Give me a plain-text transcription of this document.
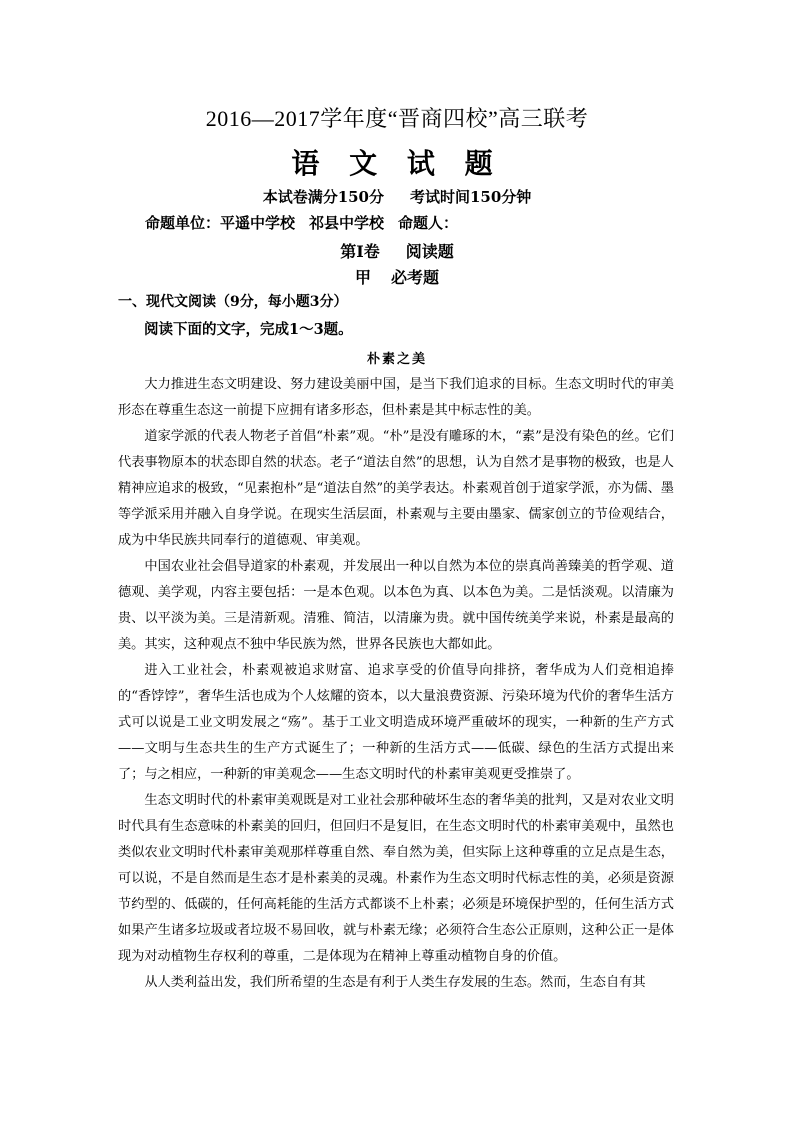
2016—2017学年度“晋商四校”高三联考
语 文 试 题
本试卷满分150分 考试时间150分钟
命题单位：平遥中学校 祁县中学校 命题人：
第Ⅰ卷 阅读题
甲 必考题
一、现代文阅读（9分，每小题3分）
阅读下面的文字，完成1～3题。
朴素之美

大力推进生态文明建设、努力建设美丽中国，是当下我们追求的目标。生态文明时代的审美形态在尊重生态这一前提下应拥有诸多形态，但朴素是其中标志性的美。

道家学派的代表人物老子首倡“朴素”观。“朴”是没有雕琢的木，“素”是没有染色的丝。它们代表事物原本的状态即自然的状态。老子“道法自然”的思想，认为自然才是事物的极致，也是人精神应追求的极致，“见素抱朴”是“道法自然”的美学表达。朴素观首创于道家学派，亦为儒、墨等学派采用并融入自身学说。在现实生活层面，朴素观与主要由墨家、儒家创立的节俭观结合，成为中华民族共同奉行的道德观、审美观。

中国农业社会倡导道家的朴素观，并发展出一种以自然为本位的崇真尚善臻美的哲学观、道德观、美学观，内容主要包括：一是本色观。以本色为真、以本色为美。二是恬淡观。以清廉为贵、以平淡为美。三是清新观。清雅、简洁，以清廉为贵。就中国传统美学来说，朴素是最高的美。其实，这种观点不独中华民族为然，世界各民族也大都如此。

进入工业社会，朴素观被追求财富、追求享受的价值导向排挤，奢华成为人们竞相追捧的“香饽饽”，奢华生活也成为个人炫耀的资本，以大量浪费资源、污染环境为代价的奢华生活方式可以说是工业文明发展之“殇”。基于工业文明造成环境严重破坏的现实，一种新的生产方式——文明与生态共生的生产方式诞生了；一种新的生活方式——低碳、绿色的生活方式提出来了；与之相应，一种新的审美观念——生态文明时代的朴素审美观更受推崇了。

生态文明时代的朴素审美观既是对工业社会那种破坏生态的奢华美的批判，又是对农业文明时代具有生态意味的朴素美的回归，但回归不是复旧，在生态文明时代的朴素审美观中，虽然也类似农业文明时代朴素审美观那样尊重自然、奉自然为美，但实际上这种尊重的立足点是生态，可以说，不是自然而是生态才是朴素美的灵魂。朴素作为生态文明时代标志性的美，必须是资源节约型的、低碳的，任何高耗能的生活方式都谈不上朴素；必须是环境保护型的，任何生活方式如果产生诸多垃圾或者垃圾不易回收，就与朴素无缘；必须符合生态公正原则，这种公正一是体现为对动植物生存权利的尊重，二是体现为在精神上尊重动植物自身的价值。

从人类利益出发，我们所希望的生态是有利于人类生存发展的生态。然而，生态自有其
